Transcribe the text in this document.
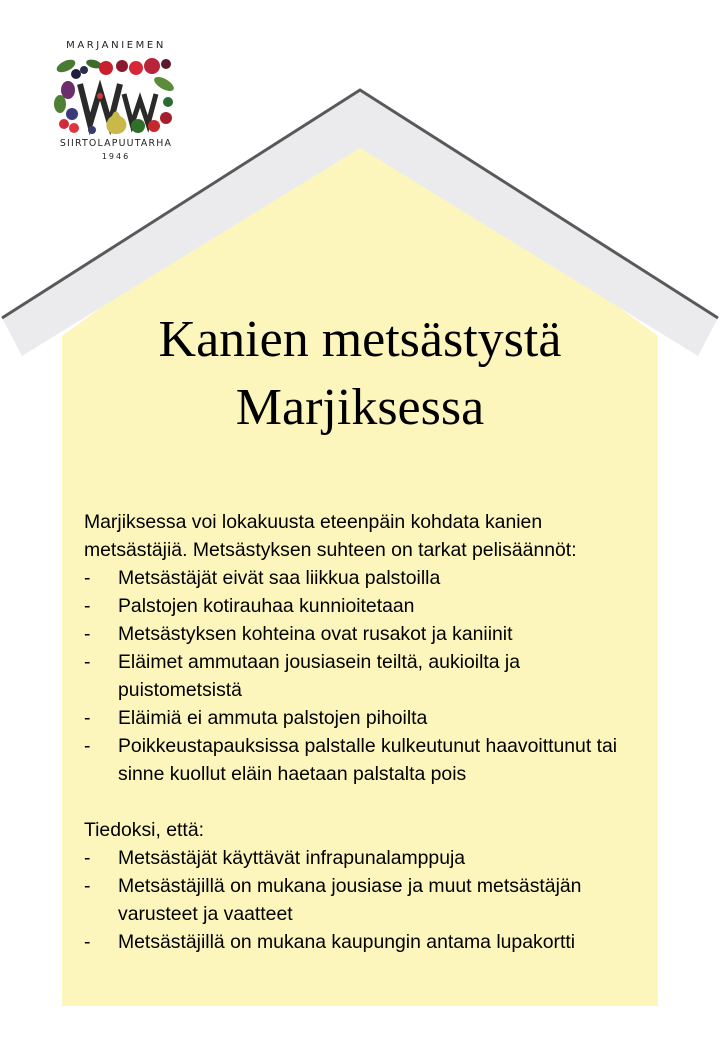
MARJANIEMEN
SIIRTOLAPUUTARHA
1946
Kanien metsästystä
Marjiksessa

Marjiksessa voi lokakuusta eteenpäin kohdata kanien

metsästäjiä. Metsästyksen suhteen on tarkat pelisäännöt:

- Metsästäjät eivät saa liikkua palstoilla
- Palstojen kotirauhaa kunnioitetaan
- Metsästyksen kohteina ovat rusakot ja kaniinit
- Eläimet ammutaan jousiasein teiltä, aukioilta ja puistometsistä
- Eläimiä ei ammuta palstojen pihoilta
- Poikkeustapauksissa palstalle kulkeutunut haavoittunut tai sinne kuollut eläin haetaan palstalta pois

Tiedoksi, että:

- Metsästäjät käyttävät infrapunalamppuja
- Metsästäjillä on mukana jousiase ja muut metsästäjän varusteet ja vaatteet
- Metsästäjillä on mukana kaupungin antama lupakortti
